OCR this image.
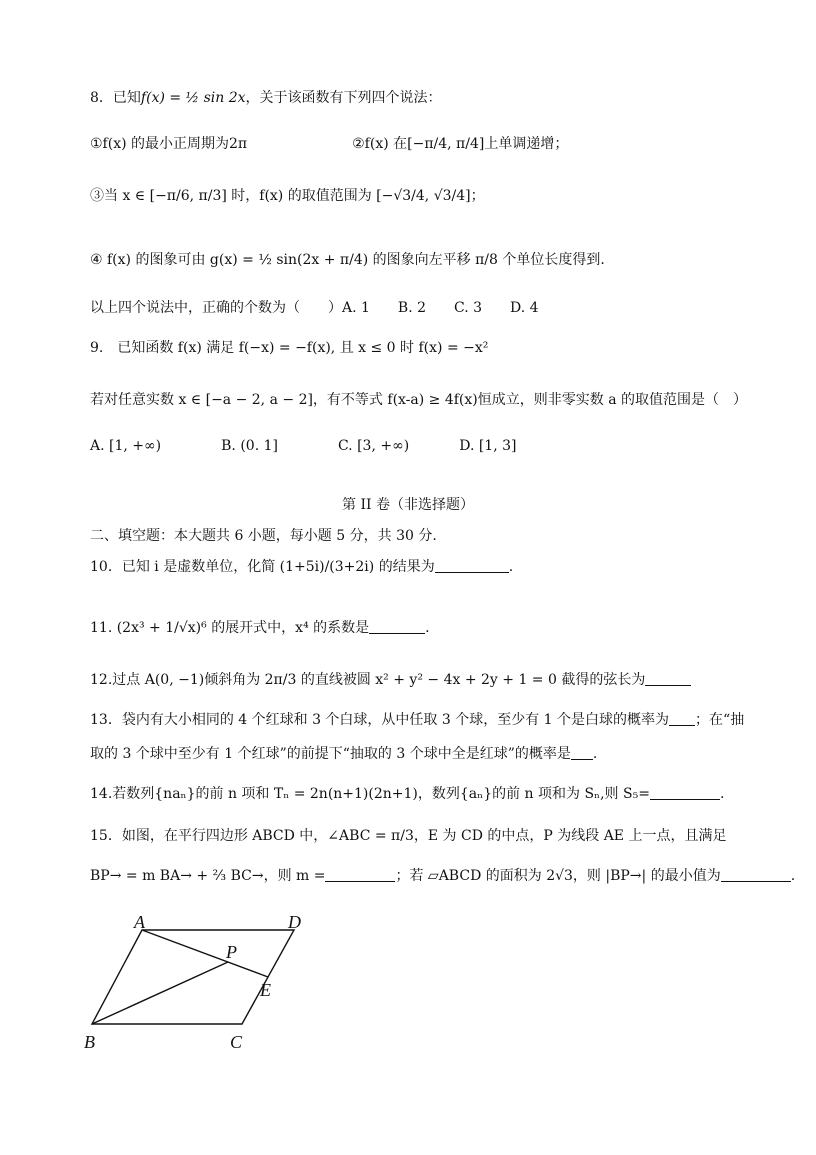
8．已知f(x) = ½ sin 2x，关于该函数有下列四个说法：
①f(x) 的最小正周期为2π	②f(x) 在[−π/4, π/4]上单调递增；
③当 x ∈ [−π/6, π/3] 时，f(x) 的取值范围为 [−√3/4, √3/4]；
④ f(x) 的图象可由 g(x) = ½ sin(2x + π/4) 的图象向左平移 π/8 个单位长度得到.
以上四个说法中，正确的个数为（　　）A. 1　　B. 2　　C. 3　　D. 4
9.　已知函数 f(x) 满足 f(−x) = −f(x), 且 x ≤ 0 时 f(x) = −x²
若对任意实数 x ∈ [−a − 2, a − 2]，有不等式 f(x-a) ≥ 4f(x)恒成立，则非零实数 a 的取值范围是（　）
A. [1, +∞)	B. (0. 1]	C. [3, +∞)	D. [1, 3]
第 II 卷（非选择题）
二、填空题：本大题共 6 小题，每小题 5 分，共 30 分.
10．已知 i 是虚数单位，化简 (1+5i)/(3+2i) 的结果为	.
11. (2x³ + 1/√x)⁶ 的展开式中，x⁴ 的系数是	.
12.过点 A(0, −1)倾斜角为 2π/3 的直线被圆 x² + y² − 4x + 2y + 1 = 0 截得的弦长为
13．袋内有大小相同的 4 个红球和 3 个白球，从中任取 3 个球，至少有 1 个是白球的概率为 ；在“抽
取的 3 个球中至少有 1 个红球”的前提下“抽取的 3 个球中全是红球”的概率是 .
14.若数列{naₙ}的前 n 项和 Tₙ = 2n(n+1)(2n+1)，数列{aₙ}的前 n 项和为 Sₙ,则 S₅=	.
15．如图，在平行四边形 ABCD 中，∠ABC = π/3，E 为 CD 的中点，P 为线段 AE 上一点，且满足
BP→ = m BA→ + ⅔ BC→，则 m =	；若 ▱ABCD 的面积为 2√3，则 |BP→| 的最小值为	.
A	D
P
E
B	C
